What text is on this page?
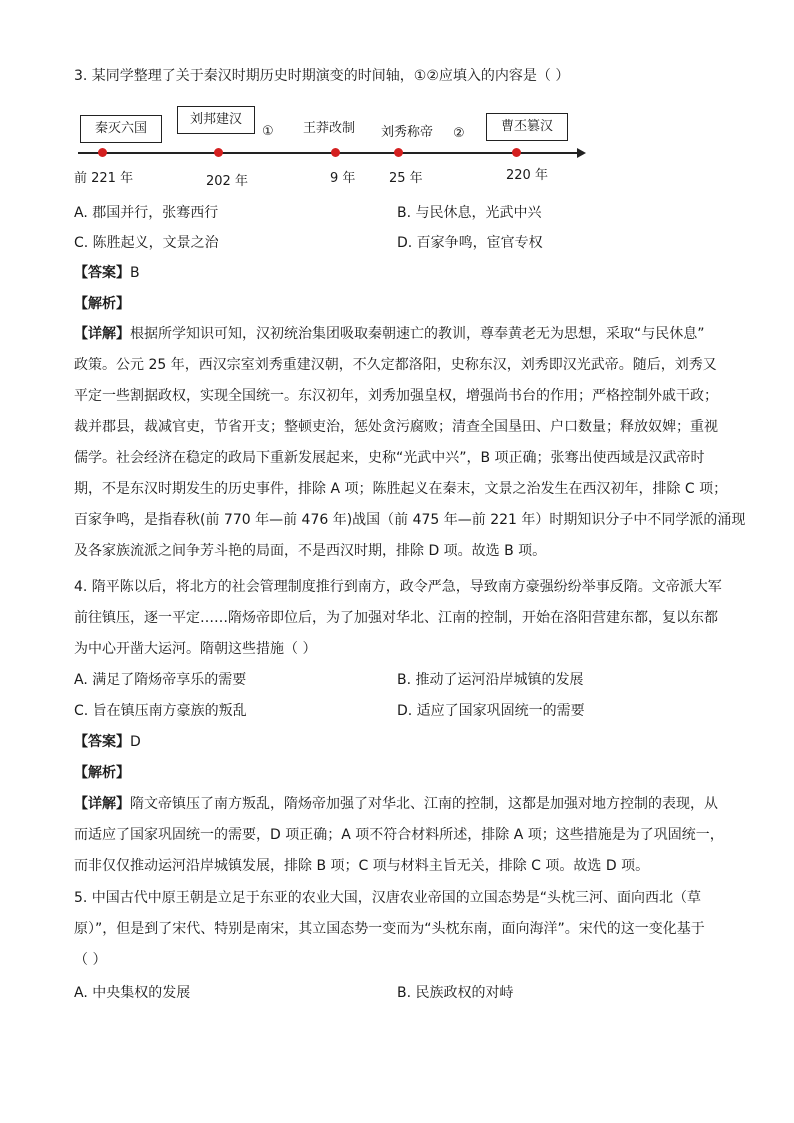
3. 某同学整理了关于秦汉时期历史时期演变的时间轴，①②应填入的内容是（ ）
秦灭六国
刘邦建汉
① 王莽改制 刘秀称帝 ②	曹丕篡汉
前 221 年	202 年	9 年	25 年	220 年
A. 郡国并行，张骞西行	B. 与民休息，光武中兴
C. 陈胜起义，文景之治	D. 百家争鸣，宦官专权
【答案】B
【解析】
【详解】根据所学知识可知，汉初统治集团吸取秦朝速亡的教训，尊奉黄老无为思想，采取“与民休息”
政策。公元 25 年，西汉宗室刘秀重建汉朝，不久定都洛阳，史称东汉，刘秀即汉光武帝。随后，刘秀又
平定一些割据政权，实现全国统一。东汉初年，刘秀加强皇权，增强尚书台的作用；严格控制外戚干政；
裁并郡县，裁减官吏，节省开支；整顿吏治，惩处贪污腐败；清查全国垦田、户口数量；释放奴婢；重视
儒学。社会经济在稳定的政局下重新发展起来，史称“光武中兴”，B 项正确；张骞出使西域是汉武帝时
期，不是东汉时期发生的历史事件，排除 A 项；陈胜起义在秦末，文景之治发生在西汉初年，排除 C 项；
百家争鸣，是指春秋(前 770 年—前 476 年)战国（前 475 年—前 221 年）时期知识分子中不同学派的涌现
及各家族流派之间争芳斗艳的局面，不是西汉时期，排除 D 项。故选 B 项。
4. 隋平陈以后，将北方的社会管理制度推行到南方，政令严急，导致南方豪强纷纷举事反隋。文帝派大军
前往镇压，逐一平定……隋炀帝即位后，为了加强对华北、江南的控制，开始在洛阳营建东都，复以东都
为中心开凿大运河。隋朝这些措施（ ）
A. 满足了隋炀帝享乐的需要	B. 推动了运河沿岸城镇的发展
C. 旨在镇压南方豪族的叛乱	D. 适应了国家巩固统一的需要
【答案】D
【解析】
【详解】隋文帝镇压了南方叛乱，隋炀帝加强了对华北、江南的控制，这都是加强对地方控制的表现，从
而适应了国家巩固统一的需要，D 项正确；A 项不符合材料所述，排除 A 项；这些措施是为了巩固统一，
而非仅仅推动运河沿岸城镇发展，排除 B 项；C 项与材料主旨无关，排除 C 项。故选 D 项。
5. 中国古代中原王朝是立足于东亚的农业大国，汉唐农业帝国的立国态势是“头枕三河、面向西北（草
原）”，但是到了宋代、特别是南宋，其立国态势一变而为“头枕东南，面向海洋”。宋代的这一变化基于
（ ）
A. 中央集权的发展	B. 民族政权的对峙
